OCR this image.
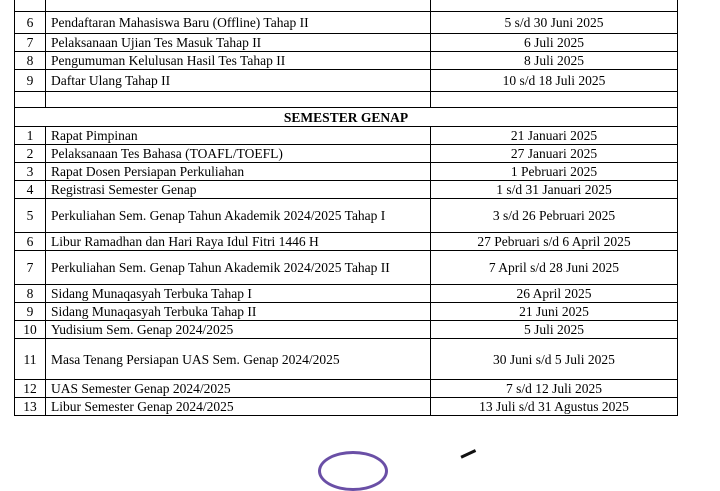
6	Pendaftaran Mahasiswa Baru (Offline) Tahap II	5 s/d 30 Juni 2025
7	Pelaksanaan Ujian Tes Masuk Tahap II	6 Juli 2025
8	Pengumuman Kelulusan Hasil Tes Tahap II	8 Juli 2025
9	Daftar Ulang Tahap II	10 s/d 18 Juli 2025

SEMESTER GENAP		
1	Rapat Pimpinan	21 Januari 2025
2	Pelaksanaan Tes Bahasa (TOAFL/TOEFL)	27 Januari 2025
3	Rapat Dosen Persiapan Perkuliahan	1 Pebruari 2025
4	Registrasi Semester Genap	1 s/d 31 Januari 2025
5	Perkuliahan Sem. Genap Tahun Akademik 2024/2025 Tahap I	3 s/d 26 Pebruari 2025
6	Libur Ramadhan dan Hari Raya Idul Fitri 1446 H	27 Pebruari s/d 6 April 2025
7	Perkuliahan Sem. Genap Tahun Akademik 2024/2025 Tahap II	7 April s/d 28 Juni 2025
8	Sidang Munaqasyah Terbuka Tahap I	26 April 2025
9	Sidang Munaqasyah Terbuka Tahap II	21 Juni 2025
10	Yudisium Sem. Genap 2024/2025	5 Juli 2025
11	Masa Tenang Persiapan UAS Sem. Genap 2024/2025	30 Juni s/d 5 Juli 2025
12	UAS Semester Genap 2024/2025	7 s/d 12 Juli 2025
13	Libur Semester Genap 2024/2025	13 Juli s/d 31 Agustus 2025
